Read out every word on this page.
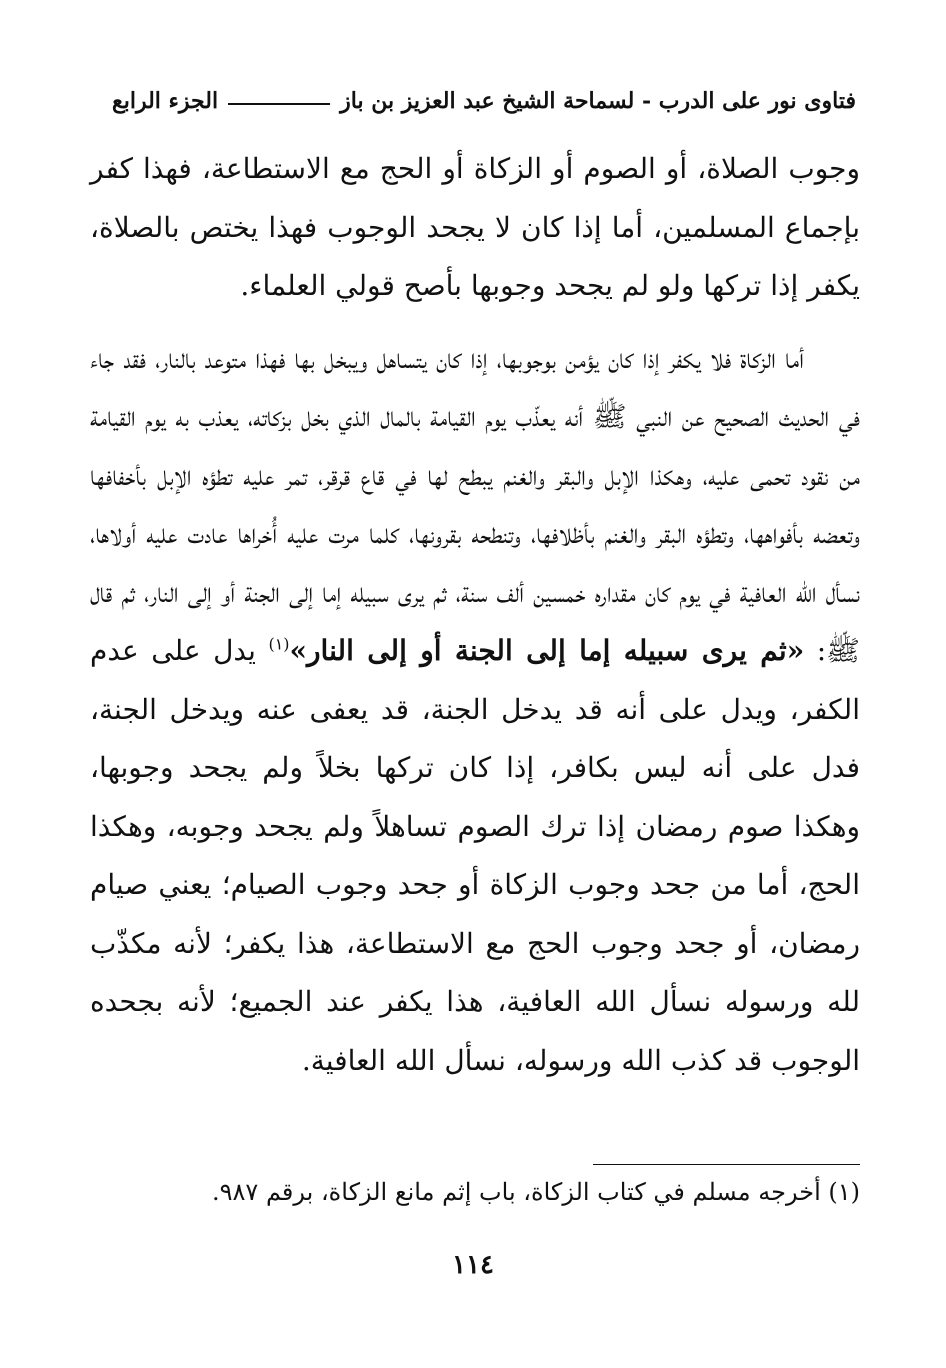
فتاوى نور على الدرب - لسماحة الشيخ عبد العزيز بن باز
الجزء الرابع

وجوب الصلاة، أو الصوم أو الزكاة أو الحج مع الاستطاعة، فهذا كفر بإجماع المسلمين، أما إذا كان لا يجحد الوجوب فهذا يختص بالصلاة، يكفر إذا تركها ولو لم يجحد وجوبها بأصح قولي العلماء.

أما الزكاة فلا يكفر إذا كان يؤمن بوجوبها، إذا كان يتساهل ويبخل بها فهذا متوعد بالنار، فقد جاء في الحديث الصحيح عن النبي ﷺ أنه يعذّب يوم القيامة بالمال الذي بخل بزكاته، يعذب به يوم القيامة من نقود تحمى عليه، وهكذا الإبل والبقر والغنم يبطح لها في قاع قرقر، تمر عليه تطؤه الإبل بأخفافها وتعضه بأفواهها، وتطؤه البقر والغنم بأظلافها، وتنطحه بقرونها، كلما مرت عليه أُخراها عادت عليه أولاها، نسأل الله العافية في يوم كان مقداره خمسين ألف سنة، ثم يرى سبيله إما إلى الجنة أو إلى النار، ثم قال ﷺ: «ثم يرى سبيله إما إلى الجنة أو إلى النار»$^{(١)}$ يدل على عدم الكفر، ويدل على أنه قد يدخل الجنة، قد يعفى عنه ويدخل الجنة، فدل على أنه ليس بكافر، إذا كان تركها بخلاً ولم يجحد وجوبها، وهكذا صوم رمضان إذا ترك الصوم تساهلاً ولم يجحد وجوبه، وهكذا الحج، أما من جحد وجوب الزكاة أو جحد وجوب الصيام؛ يعني صيام رمضان، أو جحد وجوب الحج مع الاستطاعة، هذا يكفر؛ لأنه مكذّب لله ورسوله نسأل الله العافية، هذا يكفر عند الجميع؛ لأنه بجحده الوجوب قد كذب الله ورسوله، نسأل الله العافية.

(١) أخرجه مسلم في كتاب الزكاة، باب إثم مانع الزكاة، برقم ٩٨٧.
١١٤
